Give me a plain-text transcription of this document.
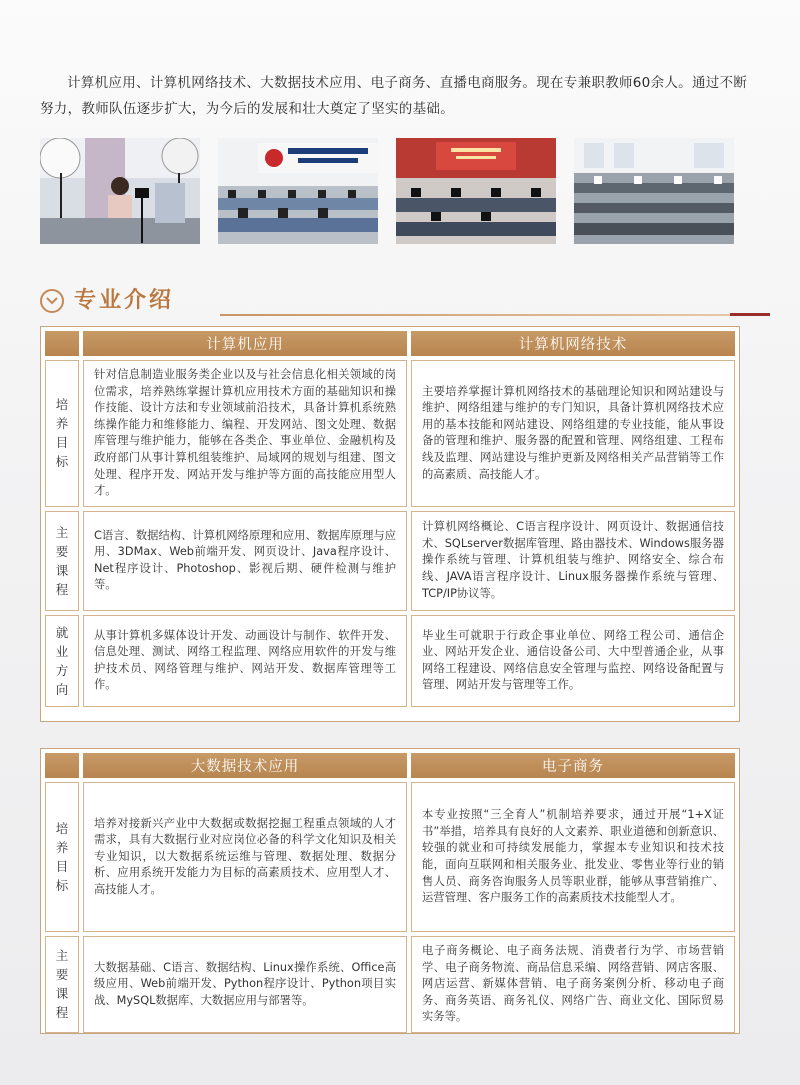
计算机应用、计算机网络技术、大数据技术应用、电子商务、直播电商服务。现在专兼职教师60余人。通过不断努力，教师队伍逐步扩大，为今后的发展和壮大奠定了坚实的基础。
专业介绍
	计算机应用	计算机网络技术
培养目标	针对信息制造业服务类企业以及与社会信息化相关领域的岗位需求，培养熟练掌握计算机应用技术方面的基础知识和操作技能、设计方法和专业领域前沿技术，具备计算机系统熟练操作能力和维修能力、编程、开发网站、图文处理、数据库管理与维护能力，能够在各类企、事业单位、金融机构及政府部门从事计算机组装维护、局域网的规划与组建、图文处理、程序开发、网站开发与维护等方面的高技能应用型人才。	主要培养掌握计算机网络技术的基础理论知识和网站建设与维护、网络组建与维护的专门知识，具备计算机网络技术应用的基本技能和网站建设、网络组建的专业技能，能从事设备的管理和维护、服务器的配置和管理、网络组建、工程布线及监理、网站建设与维护更新及网络相关产品营销等工作的高素质、高技能人才。
主要课程	C语言、数据结构、计算机网络原理和应用、数据库原理与应用、3DMax、Web前端开发、网页设计、Java程序设计、Net程序设计、Photoshop、影视后期、硬件检测与维护等。	计算机网络概论、C语言程序设计、网页设计、数据通信技术、SQLserver数据库管理、路由器技术、Windows服务器操作系统与管理、计算机组装与维护、网络安全、综合布线、JAVA语言程序设计、Linux服务器操作系统与管理、TCP/IP协议等。
就业方向	从事计算机多媒体设计开发、动画设计与制作、软件开发、信息处理、测试、网络工程监理、网络应用软件的开发与维护技术员、网络管理与维护、网站开发、数据库管理等工作。	毕业生可就职于行政企事业单位、网络工程公司、通信企业、网站开发企业、通信设备公司、大中型普通企业，从事网络工程建设、网络信息安全管理与监控、网络设备配置与管理、网站开发与管理等工作。
	大数据技术应用	电子商务
培养目标	培养对接新兴产业中大数据或数据挖掘工程重点领域的人才需求，具有大数据行业对应岗位必备的科学文化知识及相关专业知识，以大数据系统运维与管理、数据处理、数据分析、应用系统开发能力为目标的高素质技术、应用型人才、高技能人才。	本专业按照“三全育人”机制培养要求，通过开展“1+X证书”举措，培养具有良好的人文素养、职业道德和创新意识、较强的就业和可持续发展能力，掌握本专业知识和技术技能，面向互联网和相关服务业、批发业、零售业等行业的销售人员、商务咨询服务人员等职业群，能够从事营销推广、运营管理、客户服务工作的高素质技术技能型人才。
主要课程	大数据基础、C语言、数据结构、Linux操作系统、Office高级应用、Web前端开发、Python程序设计、Python项目实战、MySQL数据库、大数据应用与部署等。	电子商务概论、电子商务法规、消费者行为学、市场营销学、电子商务物流、商品信息采编、网络营销、网店客服、网店运营、新媒体营销、电子商务案例分析、移动电子商务、商务英语、商务礼仪、网络广告、商业文化、国际贸易实务等。
